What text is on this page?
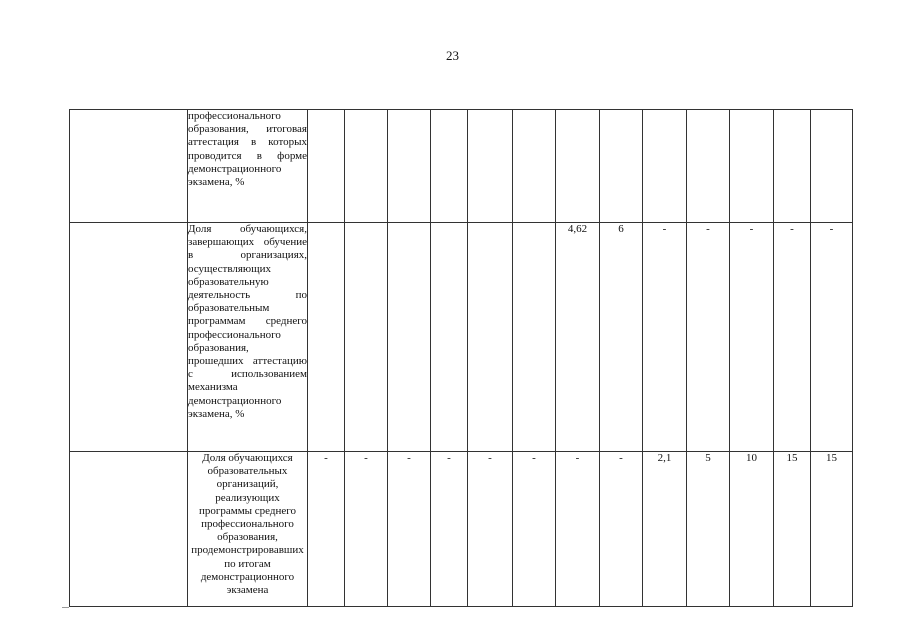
23
	профессионального образования, итоговая аттестация в которых проводится в форме демонстрационного экзамена, %													
	Доля обучающихся, завершающих обучение в организациях, осуществляющих образовательную деятельность по образовательным программам среднего профессионального образования, прошедших аттестацию с использованием механизма демонстрационного экзамена, %							4,62	6	-	-	-	-	-
	Доля обучающихся образовательных организаций, реализующих программы среднего профессионального образования, продемонстрировавших по итогам демонстрационного экзамена	-	-	-	-	-	-	-	-	2,1	5	10	15	15
